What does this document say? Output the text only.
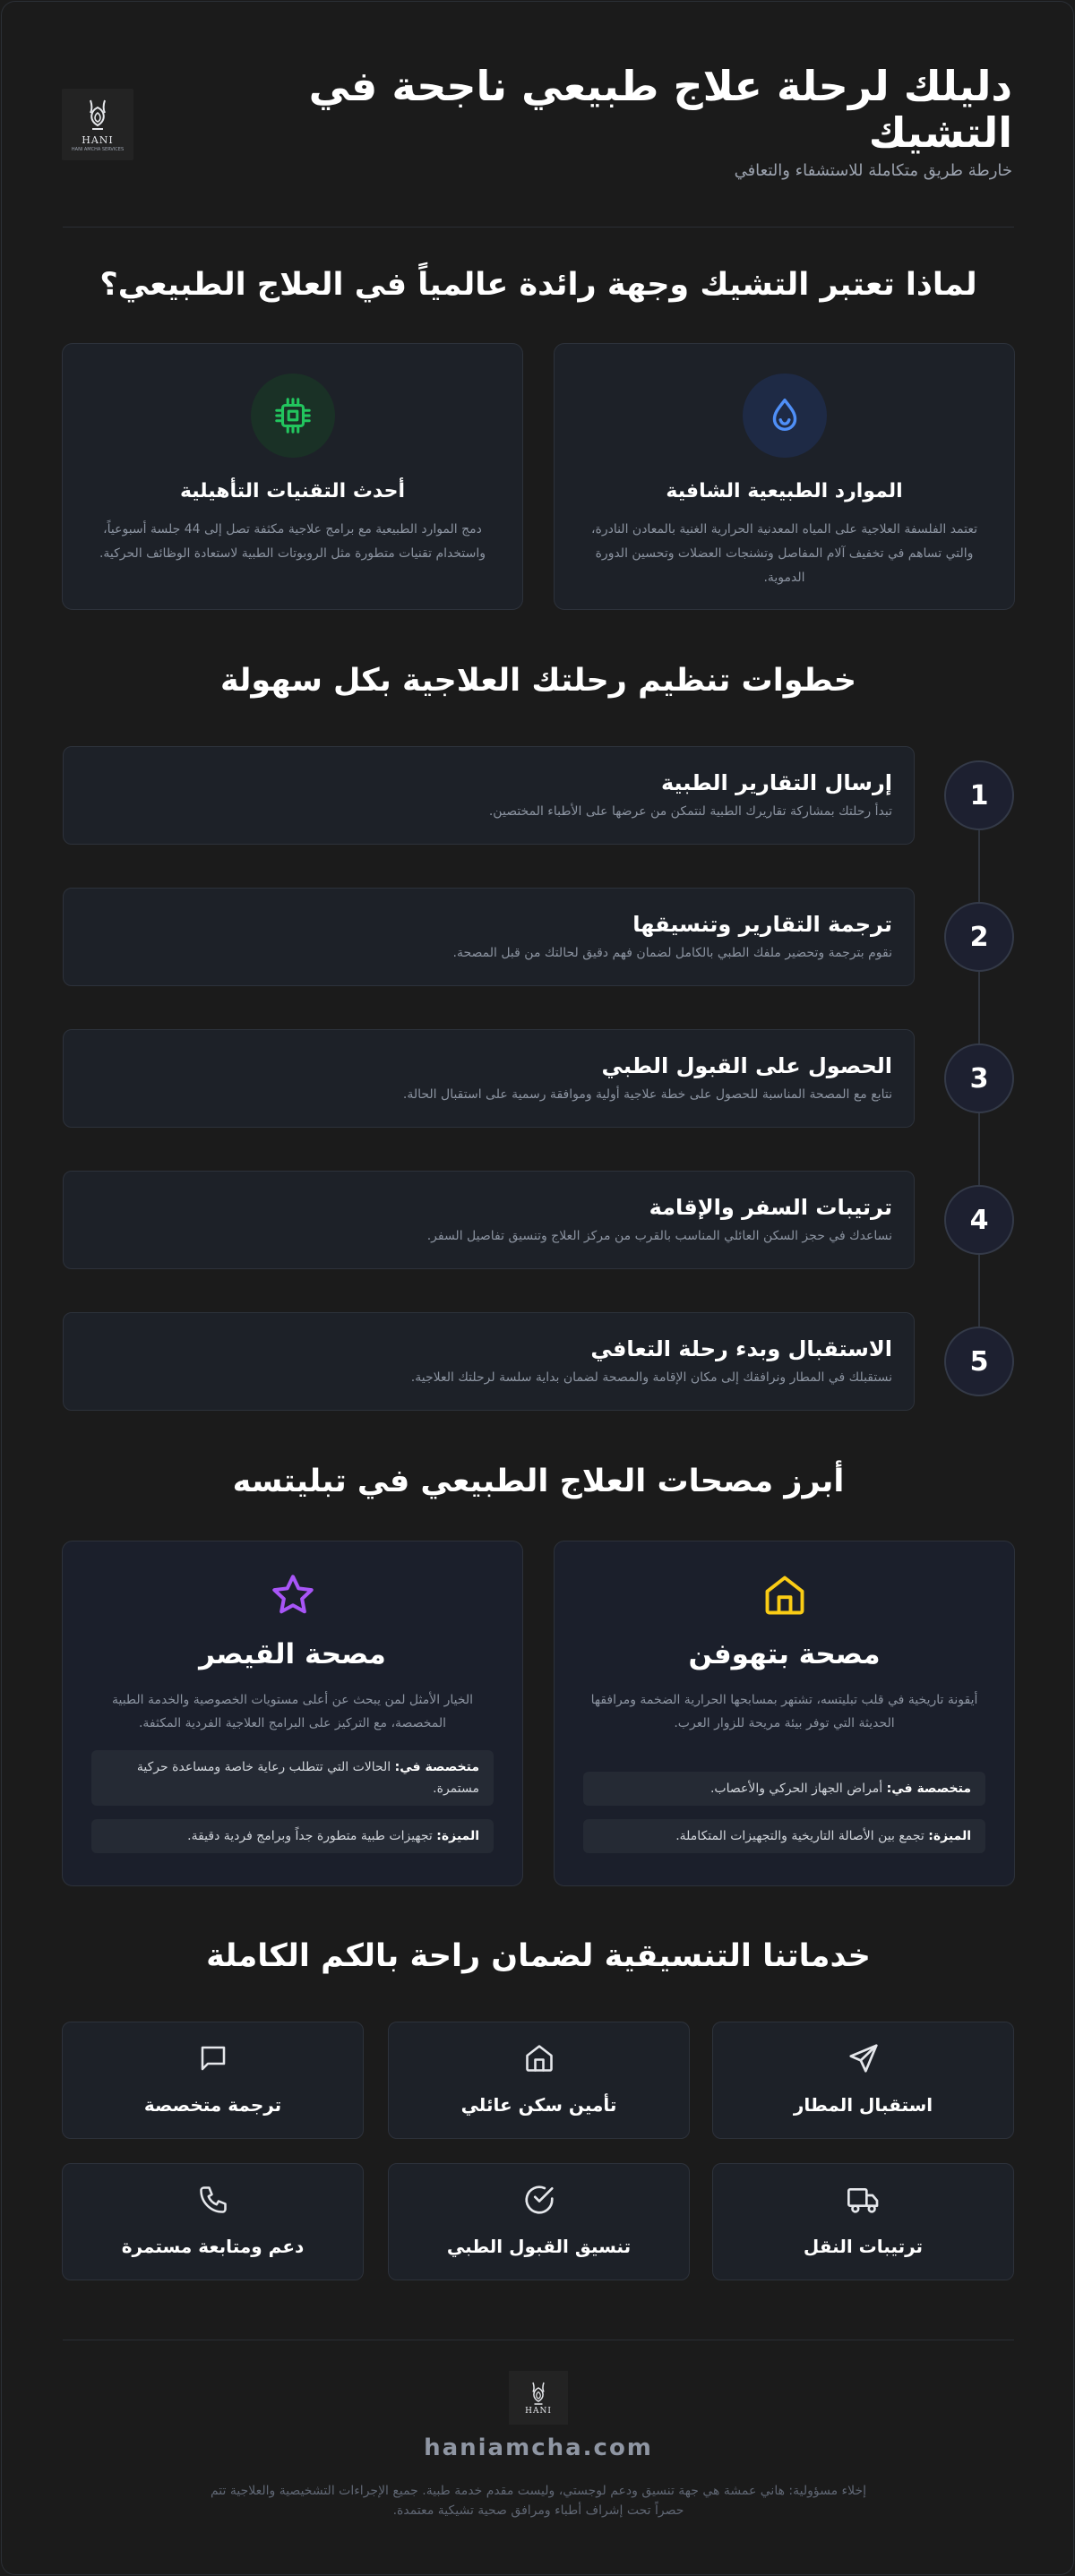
HANI
HANI AMCHA SERVICES
دليلك لرحلة علاج طبيعي ناجحة في التشيك
خارطة طريق متكاملة للاستشفاء والتعافي
لماذا تعتبر التشيك وجهة رائدة عالمياً في العلاج الطبيعي؟
الموارد الطبيعية الشافية
تعتمد الفلسفة العلاجية على المياه المعدنية الحرارية الغنية بالمعادن النادرة، والتي تساهم في تخفيف آلام المفاصل وتشنجات العضلات وتحسين الدورة الدموية.
أحدث التقنيات التأهيلية
دمج الموارد الطبيعية مع برامج علاجية مكثفة تصل إلى 44 جلسة أسبوعياً، واستخدام تقنيات متطورة مثل الروبوتات الطبية لاستعادة الوظائف الحركية.
خطوات تنظيم رحلتك العلاجية بكل سهولة
1
إرسال التقارير الطبية
تبدأ رحلتك بمشاركة تقاريرك الطبية لنتمكن من عرضها على الأطباء المختصين.
2
ترجمة التقارير وتنسيقها
نقوم بترجمة وتحضير ملفك الطبي بالكامل لضمان فهم دقيق لحالتك من قبل المصحة.
3
الحصول على القبول الطبي
نتابع مع المصحة المناسبة للحصول على خطة علاجية أولية وموافقة رسمية على استقبال الحالة.
4
ترتيبات السفر والإقامة
نساعدك في حجز السكن العائلي المناسب بالقرب من مركز العلاج وتنسيق تفاصيل السفر.
5
الاستقبال وبدء رحلة التعافي
نستقبلك في المطار ونرافقك إلى مكان الإقامة والمصحة لضمان بداية سلسة لرحلتك العلاجية.
أبرز مصحات العلاج الطبيعي في تبليتسه
مصحة بتهوفن
أيقونة تاريخية في قلب تبليتسه، تشتهر بمسابحها الحرارية الضخمة ومرافقها الحديثة التي توفر بيئة مريحة للزوار العرب.
متخصصة في: أمراض الجهاز الحركي والأعصاب.
الميزة: تجمع بين الأصالة التاريخية والتجهيزات المتكاملة.
مصحة القيصر
الخيار الأمثل لمن يبحث عن أعلى مستويات الخصوصية والخدمة الطبية المخصصة، مع التركيز على البرامج العلاجية الفردية المكثفة.
متخصصة في: الحالات التي تتطلب رعاية خاصة ومساعدة حركية مستمرة.
الميزة: تجهيزات طبية متطورة جداً وبرامج فردية دقيقة.
خدماتنا التنسيقية لضمان راحة بالكم الكاملة
استقبال المطار
تأمين سكن عائلي
ترجمة متخصصة
ترتيبات النقل
تنسيق القبول الطبي
دعم ومتابعة مستمرة
HANI
haniamcha.com
إخلاء مسؤولية: هاني عمشة هي جهة تنسيق ودعم لوجستي، وليست مقدم خدمة طبية. جميع الإجراءات التشخيصية والعلاجية تتم حصراً تحت إشراف أطباء ومرافق صحية تشيكية معتمدة.
